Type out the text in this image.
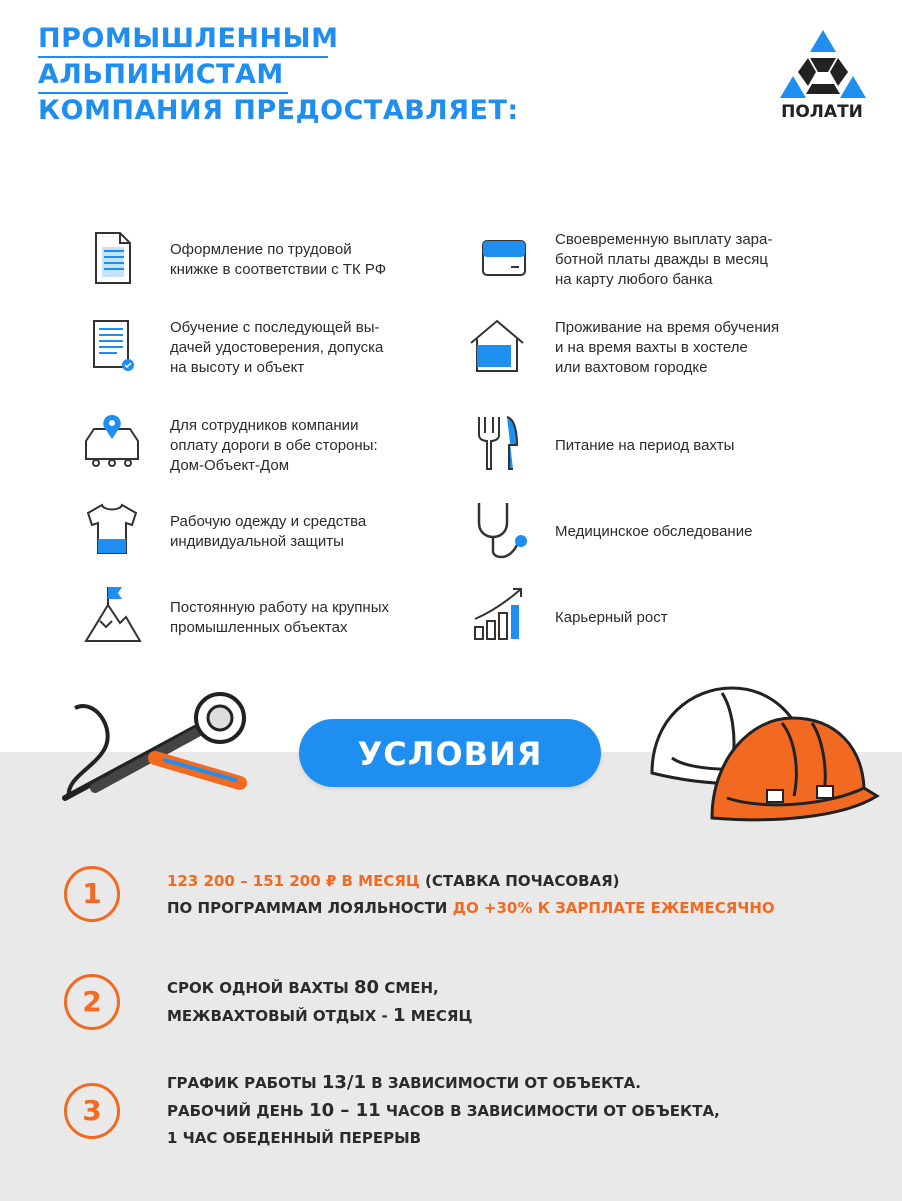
ПРОМЫШЛЕННЫМ
АЛЬПИНИСТАМ
КОМПАНИЯ ПРЕДОСТАВЛЯЕТ:	ПОЛАТИ
Оформление по трудовой
книжке в соответствии с ТК РФ
Обучение с последующей вы-
дачей удостоверения, допуска
на высоту и объект
Для сотрудников компании
оплату дороги в обе стороны:
Дом-Объект-Дом
Рабочую одежду и средства
индивидуальной защиты
Постоянную работу на крупных
промышленных объектах
Своевременную выплату зара-
ботной платы дважды в месяц
на карту любого банка
Проживание на время обучения
и на время вахты в хостеле
или вахтовом городке
Питание на период вахты
Медицинское обследование
Карьерный рост
УСЛОВИЯ
1	123 200 – 151 200 ₽ В МЕСЯЦ (СТАВКА ПОЧАСОВАЯ)
ПО ПРОГРАММАМ ЛОЯЛЬНОСТИ ДО +30% К ЗАРПЛАТЕ ЕЖЕМЕСЯЧНО
2	СРОК ОДНОЙ ВАХТЫ 80 СМЕН,
МЕЖВАХТОВЫЙ ОТДЫХ - 1 МЕСЯЦ
3
ГРАФИК РАБОТЫ 13/1 В ЗАВИСИМОСТИ ОТ ОБЪЕКТА.
РАБОЧИЙ ДЕНЬ 10 – 11 ЧАСОВ В ЗАВИСИМОСТИ ОТ ОБЪЕКТА,
1 ЧАС ОБЕДЕННЫЙ ПЕРЕРЫВ
